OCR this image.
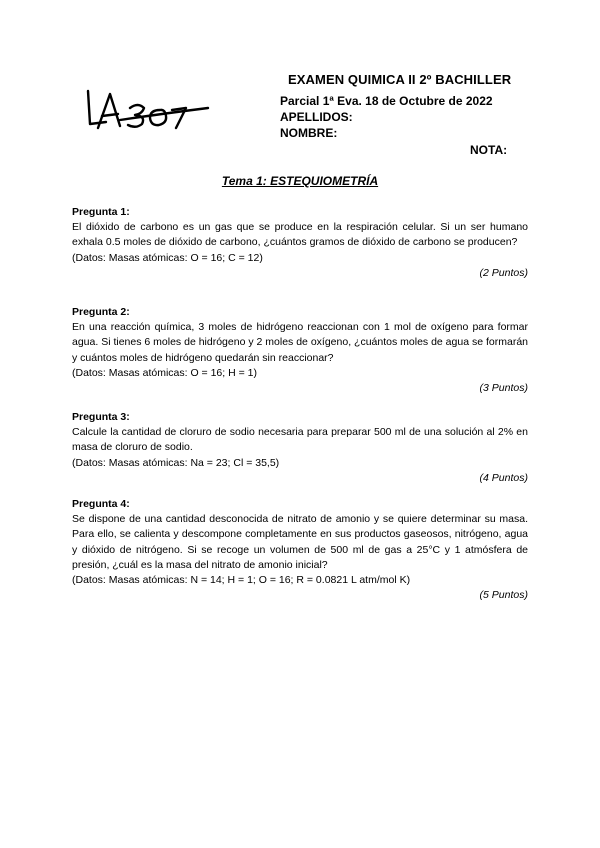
EXAMEN QUIMICA II 2º BACHILLER
Parcial 1ª Eva. 18 de Octubre de 2022
APELLIDOS:
NOMBRE:
NOTA:
Tema 1: ESTEQUIOMETRÍA
Pregunta 1:
El dióxido de carbono es un gas que se produce en la respiración celular. Si un ser humano exhala 0.5 moles de dióxido de carbono, ¿cuántos gramos de dióxido de carbono se producen?
(Datos: Masas atómicas: O = 16; C = 12)
(2 Puntos)
Pregunta 2:
En una reacción química, 3 moles de hidrógeno reaccionan con 1 mol de oxígeno para formar agua. Si tienes 6 moles de hidrógeno y 2 moles de oxígeno, ¿cuántos moles de agua se formarán y cuántos moles de hidrógeno quedarán sin reaccionar?
(Datos: Masas atómicas: O = 16; H = 1)
(3 Puntos)
Pregunta 3:
Calcule la cantidad de cloruro de sodio necesaria para preparar 500 ml de una solución al 2% en masa de cloruro de sodio.
(Datos: Masas atómicas: Na = 23; Cl = 35,5)
(4 Puntos)
Pregunta 4:
Se dispone de una cantidad desconocida de nitrato de amonio y se quiere determinar su masa. Para ello, se calienta y descompone completamente en sus productos gaseosos, nitrógeno, agua y dióxido de nitrógeno. Si se recoge un volumen de 500 ml de gas a 25°C y 1 atmósfera de presión, ¿cuál es la masa del nitrato de amonio inicial?
(Datos: Masas atómicas: N = 14; H = 1; O = 16; R = 0.0821 L atm/mol K)
(5 Puntos)
